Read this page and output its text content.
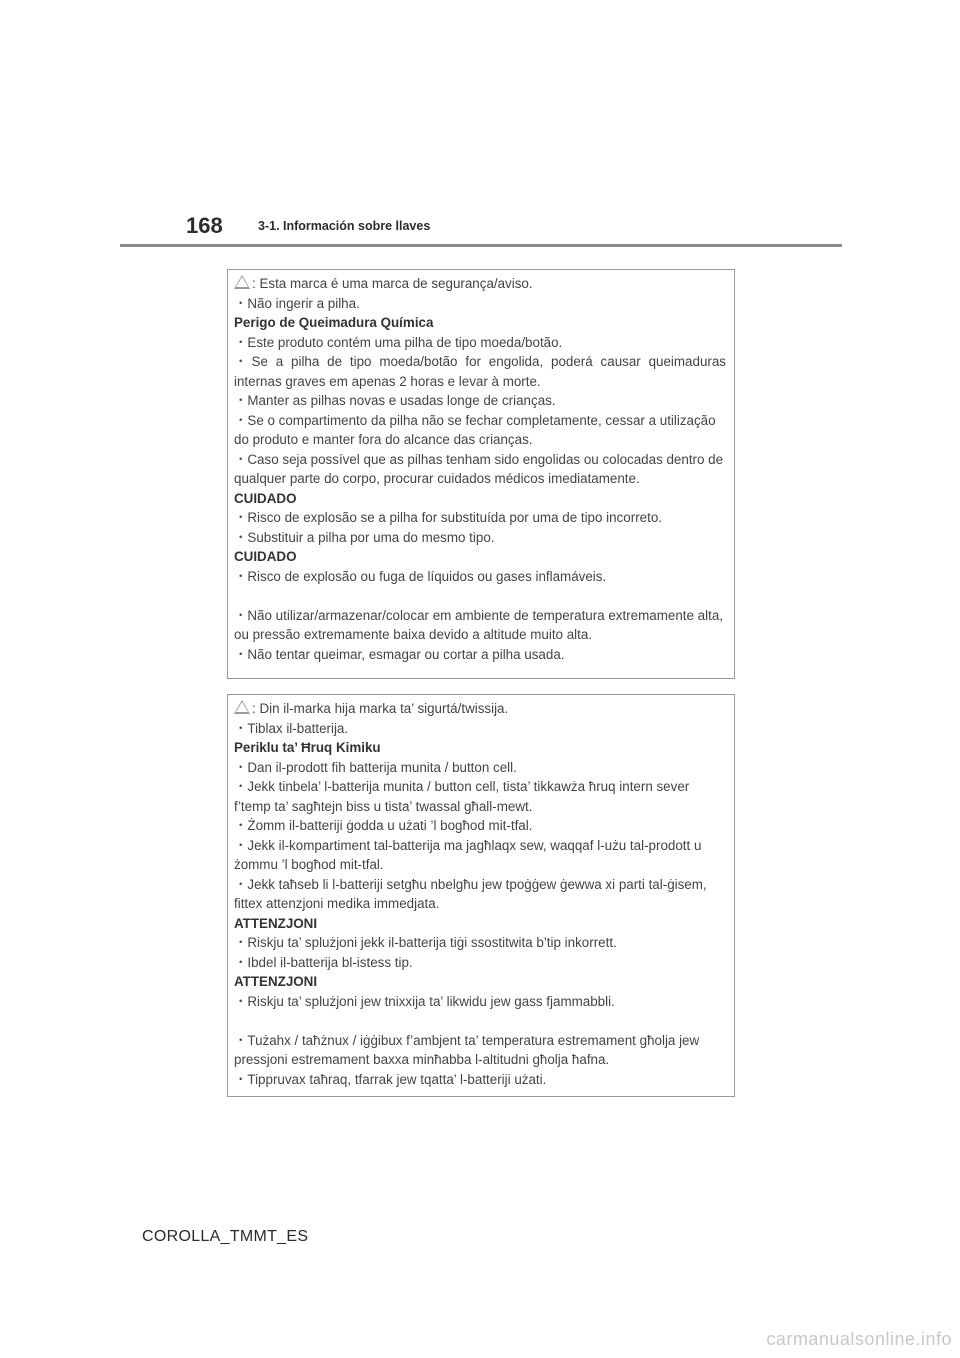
168	3-1. Información sobre llaves
: Esta marca é uma marca de segurança/aviso.
・Não ingerir a pilha.
Perigo de Queimadura Química
・Este produto contém uma pilha de tipo moeda/botão.
・Se a pilha de tipo moeda/botão for engolida, poderá causar queimaduras
internas graves em apenas 2 horas e levar à morte.
・Manter as pilhas novas e usadas longe de crianças.
・Se o compartimento da pilha não se fechar completamente, cessar a utilização
do produto e manter fora do alcance das crianças.
・Caso seja possível que as pilhas tenham sido engolidas ou colocadas dentro de
qualquer parte do corpo, procurar cuidados médicos imediatamente.
CUIDADO
・Risco de explosão se a pilha for substituída por uma de tipo incorreto.
・Substituir a pilha por uma do mesmo tipo.
CUIDADO
・Risco de explosão ou fuga de líquidos ou gases inflamáveis.
・Não utilizar/armazenar/colocar em ambiente de temperatura extremamente alta,
ou pressão extremamente baixa devido a altitude muito alta.
・Não tentar queimar, esmagar ou cortar a pilha usada.
: Din il-marka hija marka ta’ sigurtá/twissija.
・Tiblax il-batterija.
Periklu ta’ Ħruq Kimiku
・Dan il-prodott fih batterija munita / button cell.
・Jekk tinbela’ l-batterija munita / button cell, tista’ tikkawża ħruq intern sever
f’temp ta’ sagħtejn biss u tista’ twassal għall-mewt.
・Żomm il-batteriji ġodda u użati ’l bogħod mit-tfal.
・Jekk il-kompartiment tal-batterija ma jagħlaqx sew, waqqaf l-użu tal-prodott u
żommu ’l bogħod mit-tfal.
・Jekk taħseb li l-batteriji setgħu nbelgħu jew tpoġġew ġewwa xi parti tal-ġisem,
fittex attenzjoni medika immedjata.
ATTENZJONI
・Riskju ta’ splużjoni jekk il-batterija tiġi ssostitwita b’tip inkorrett.
・Ibdel il-batterija bl-istess tip.
ATTENZJONI
・Riskju ta’ splużjoni jew tnixxija ta’ likwidu jew gass fjammabbli.
・Tużahx / taħżnux / iġġibux f’ambjent ta’ temperatura estremament għolja jew
pressjoni estremament baxxa minħabba l-altitudni għolja ħafna.
・Tippruvax taħraq, tfarrak jew tqatta’ l-batteriji użati.
COROLLA_TMMT_ES
carmanualsonline.info
